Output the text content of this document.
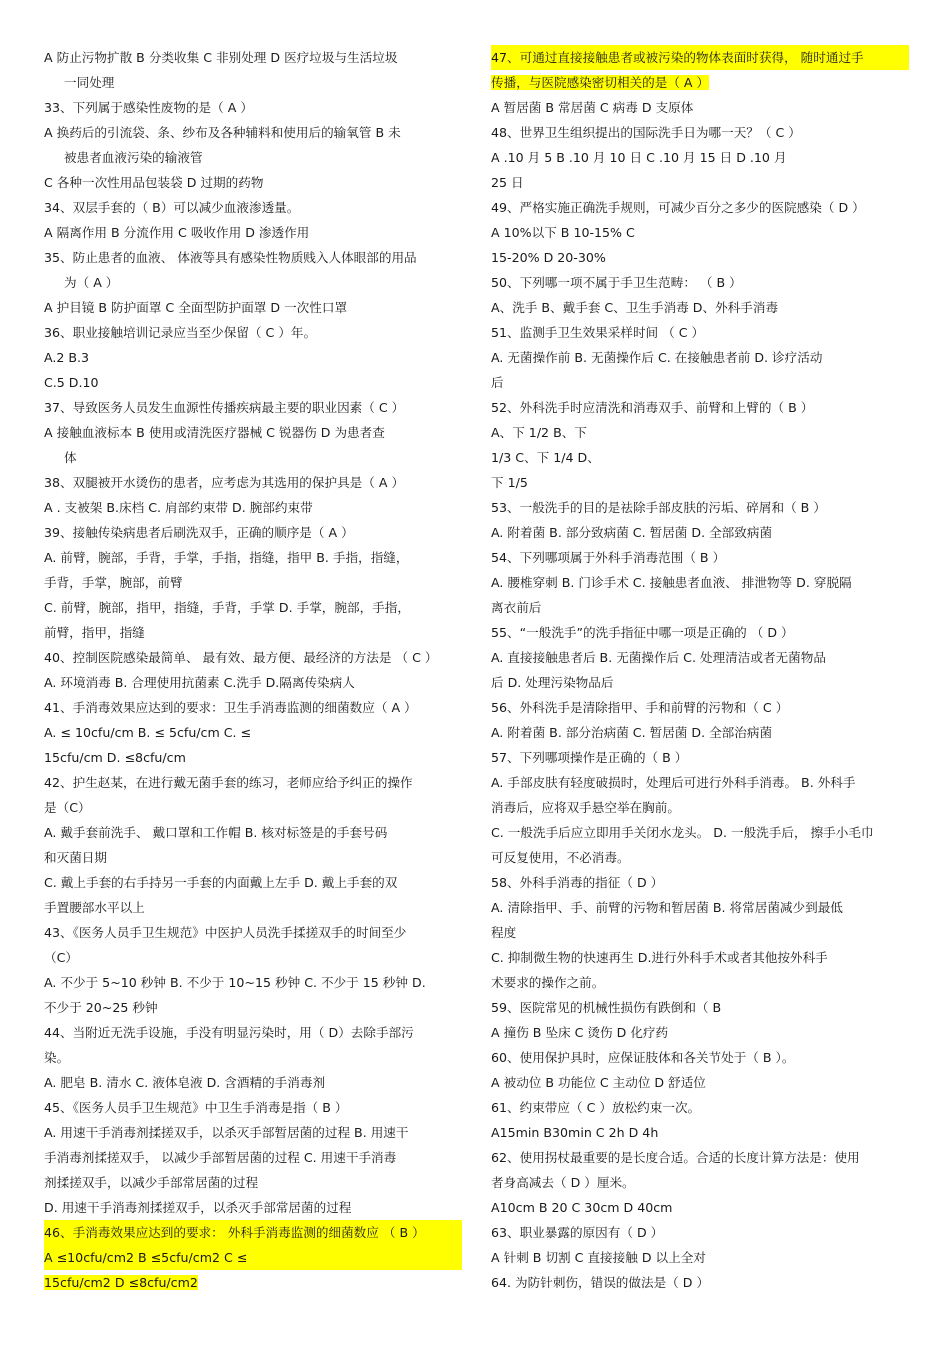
A 防止污物扩散 B 分类收集 C 非别处理 D 医疗垃圾与生活垃圾
一同处理
33、下列属于感染性废物的是（ A ）
A 换药后的引流袋、条、纱布及各种辅料和使用后的输氧管 B 未
被患者血液污染的输液管
C 各种一次性用品包装袋 D 过期的药物
34、双层手套的（ B）可以减少血液渗透量。
A 隔离作用 B 分流作用 C 吸收作用 D 渗透作用
35、防止患者的血液、 体液等具有感染性物质贱入人体眼部的用品
为（ A ）
A 护目镜 B 防护面罩 C 全面型防护面罩 D 一次性口罩
36、职业接触培训记录应当至少保留（ C ）年。
A.2 B.3
C.5 D.10
37、导致医务人员发生血源性传播疾病最主要的职业因素（ C ）
A 接触血液标本 B 使用或清洗医疗器械 C 锐器伤 D 为患者查
体
38、双腿被开水烫伤的患者，应考虑为其选用的保护具是（ A ）
A . 支被架 B.床档 C. 肩部约束带 D. 腕部约束带
39、接触传染病患者后刷洗双手，正确的顺序是（ A ）
A. 前臂，腕部，手背，手掌，手指，指缝，指甲 B. 手指，指缝，
手背，手掌，腕部，前臂
C. 前臂，腕部，指甲，指缝，手背，手掌 D. 手掌，腕部，手指，
前臂，指甲，指缝
40、控制医院感染最简单、 最有效、最方便、最经济的方法是 （ C ）
A. 环境消毒 B. 合理使用抗菌素 C.洗手 D.隔离传染病人
41、手消毒效果应达到的要求：卫生手消毒监测的细菌数应（ A ）
A. ≤ 10cfu/cm B. ≤ 5cfu/cm C. ≤
15cfu/cm D. ≤8cfu/cm
42、护生赵某，在进行戴无菌手套的练习，老师应给予纠正的操作
是（C）
A. 戴手套前洗手、 戴口罩和工作帽 B. 核对标签是的手套号码
和灭菌日期
C. 戴上手套的右手持另一手套的内面戴上左手 D. 戴上手套的双
手置腰部水平以上
43、《医务人员手卫生规范》中医护人员洗手揉搓双手的时间至少
（C）
A. 不少于 5~10 秒钟 B. 不少于 10~15 秒钟 C. 不少于 15 秒钟 D.
不少于 20~25 秒钟
44、当附近无洗手设施，手没有明显污染时，用（ D）去除手部污
染。
A. 肥皂 B. 清水 C. 液体皂液 D. 含酒精的手消毒剂
45、《医务人员手卫生规范》中卫生手消毒是指（ B ）
A. 用速干手消毒剂揉搓双手，以杀灭手部暂居菌的过程 B. 用速干
手消毒剂揉搓双手， 以减少手部暂居菌的过程 C. 用速干手消毒
剂揉搓双手，以减少手部常居菌的过程
D. 用速干手消毒剂揉搓双手，以杀灭手部常居菌的过程
46、手消毒效果应达到的要求： 外科手消毒监测的细菌数应 （ B ）
A ≤10cfu/cm2 B ≤5cfu/cm2 C ≤
15cfu/cm2 D ≤8cfu/cm2
47、可通过直接接触患者或被污染的物体表面时获得， 随时通过手
传播，与医院感染密切相关的是（ A ）
A 暂居菌 B 常居菌 C 病毒 D 支原体
48、世界卫生组织提出的国际洗手日为哪一天？（ C ）
A .10 月 5 B .10 月 10 日 C .10 月 15 日 D .10 月
25 日
49、严格实施正确洗手规则，可减少百分之多少的医院感染（ D ）
A 10%以下 B 10-15% C
15-20% D 20-30%
50、下列哪一项不属于手卫生范畴： （ B ）
A、洗手 B、戴手套 C、卫生手消毒 D、外科手消毒
51、监测手卫生效果采样时间 （ C ）
A. 无菌操作前 B. 无菌操作后 C. 在接触患者前 D. 诊疗活动
后
52、外科洗手时应清洗和消毒双手、前臂和上臂的（ B ）
A、下 1/2 B、下
1/3 C、下 1/4 D、
下 1/5
53、一般洗手的目的是祛除手部皮肤的污垢、碎屑和（ B ）
A. 附着菌 B. 部分致病菌 C. 暂居菌 D. 全部致病菌
54、下列哪项属于外科手消毒范围（ B ）
A. 腰椎穿刺 B. 门诊手术 C. 接触患者血液、 排泄物等 D. 穿脱隔
离衣前后
55、“一般洗手”的洗手指征中哪一项是正确的 （ D ）
A. 直接接触患者后 B. 无菌操作后 C. 处理清洁或者无菌物品
后 D. 处理污染物品后
56、外科洗手是清除指甲、手和前臂的污物和（ C ）
A. 附着菌 B. 部分治病菌 C. 暂居菌 D. 全部治病菌
57、下列哪项操作是正确的（ B ）
A. 手部皮肤有轻度破损时，处理后可进行外科手消毒。 B. 外科手
消毒后，应将双手悬空举在胸前。
C. 一般洗手后应立即用手关闭水龙头。 D. 一般洗手后， 擦手小毛巾
可反复使用，不必消毒。
58、外科手消毒的指征（ D ）
A. 清除指甲、手、前臂的污物和暂居菌 B. 将常居菌减少到最低
程度
C. 抑制微生物的快速再生 D.进行外科手术或者其他按外科手
术要求的操作之前。
59、医院常见的机械性损伤有跌倒和（ B
A 撞伤 B 坠床 C 烫伤 D 化疗药
60、使用保护具时，应保证肢体和各关节处于（ B ）。
A 被动位 B 功能位 C 主动位 D 舒适位
61、约束带应（ C ）放松约束一次。
A15min B30min C 2h D 4h
62、使用拐杖最重要的是长度合适。合适的长度计算方法是：使用
者身高减去（ D ）厘米。
A10cm B 20 C 30cm D 40cm
63、职业暴露的原因有（ D ）
A 针刺 B 切割 C 直接接触 D 以上全对
64. 为防针刺伤，错误的做法是（ D ）
